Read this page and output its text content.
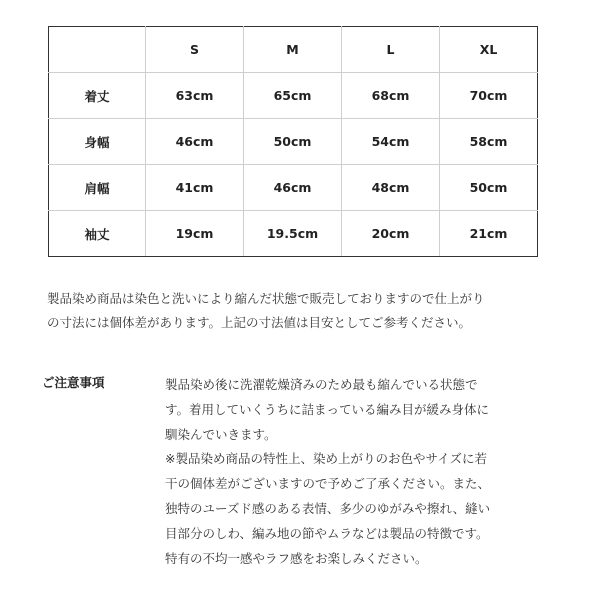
	S	M	L	XL
着丈	63cm	65cm	68cm	70cm
身幅	46cm	50cm	54cm	58cm
肩幅	41cm	46cm	48cm	50cm
袖丈	19cm	19.5cm	20cm	21cm
製品染め商品は染色と洗いにより縮んだ状態で販売しておりますので仕上がり
の寸法には個体差があります。上記の寸法値は目安としてご参考ください。
ご注意事項	製品染め後に洗濯乾燥済みのため最も縮んでいる状態で
す。着用していくうちに詰まっている編み目が緩み身体に
馴染んでいきます。
※製品染め商品の特性上、染め上がりのお色やサイズに若
干の個体差がございますので予めご了承ください。また、
独特のユーズド感のある表情、多少のゆがみや擦れ、縫い
目部分のしわ、編み地の節やムラなどは製品の特徴です。
特有の不均一感やラフ感をお楽しみください。
